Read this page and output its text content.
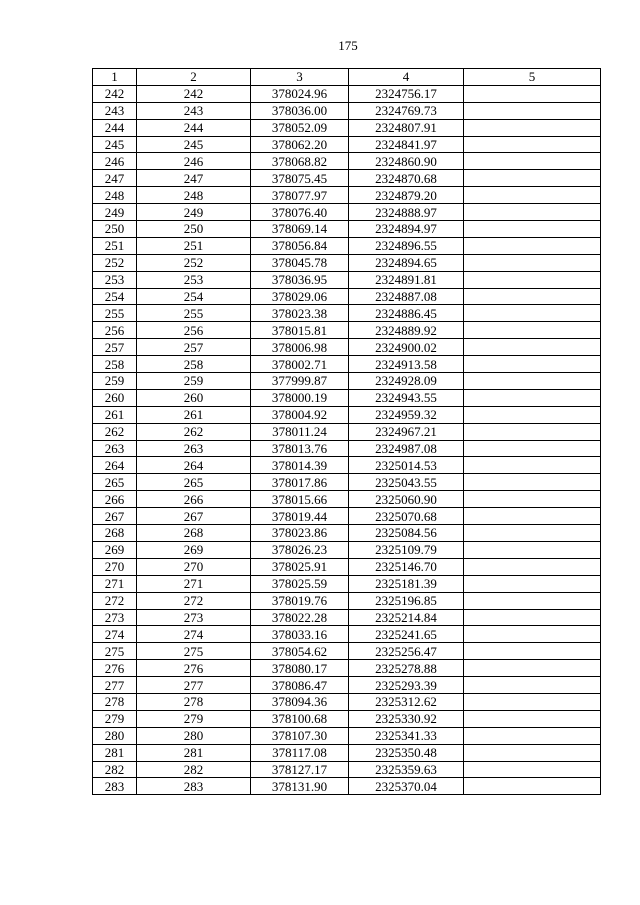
175
1	2	3	4	5
242	242	378024.96	2324756.17	
243	243	378036.00	2324769.73	
244	244	378052.09	2324807.91	
245	245	378062.20	2324841.97	
246	246	378068.82	2324860.90	
247	247	378075.45	2324870.68	
248	248	378077.97	2324879.20	
249	249	378076.40	2324888.97	
250	250	378069.14	2324894.97	
251	251	378056.84	2324896.55	
252	252	378045.78	2324894.65	
253	253	378036.95	2324891.81	
254	254	378029.06	2324887.08	
255	255	378023.38	2324886.45	
256	256	378015.81	2324889.92	
257	257	378006.98	2324900.02	
258	258	378002.71	2324913.58	
259	259	377999.87	2324928.09	
260	260	378000.19	2324943.55	
261	261	378004.92	2324959.32	
262	262	378011.24	2324967.21	
263	263	378013.76	2324987.08	
264	264	378014.39	2325014.53	
265	265	378017.86	2325043.55	
266	266	378015.66	2325060.90	
267	267	378019.44	2325070.68	
268	268	378023.86	2325084.56	
269	269	378026.23	2325109.79	
270	270	378025.91	2325146.70	
271	271	378025.59	2325181.39	
272	272	378019.76	2325196.85	
273	273	378022.28	2325214.84	
274	274	378033.16	2325241.65	
275	275	378054.62	2325256.47	
276	276	378080.17	2325278.88	
277	277	378086.47	2325293.39	
278	278	378094.36	2325312.62	
279	279	378100.68	2325330.92	
280	280	378107.30	2325341.33	
281	281	378117.08	2325350.48	
282	282	378127.17	2325359.63	
283	283	378131.90	2325370.04	
